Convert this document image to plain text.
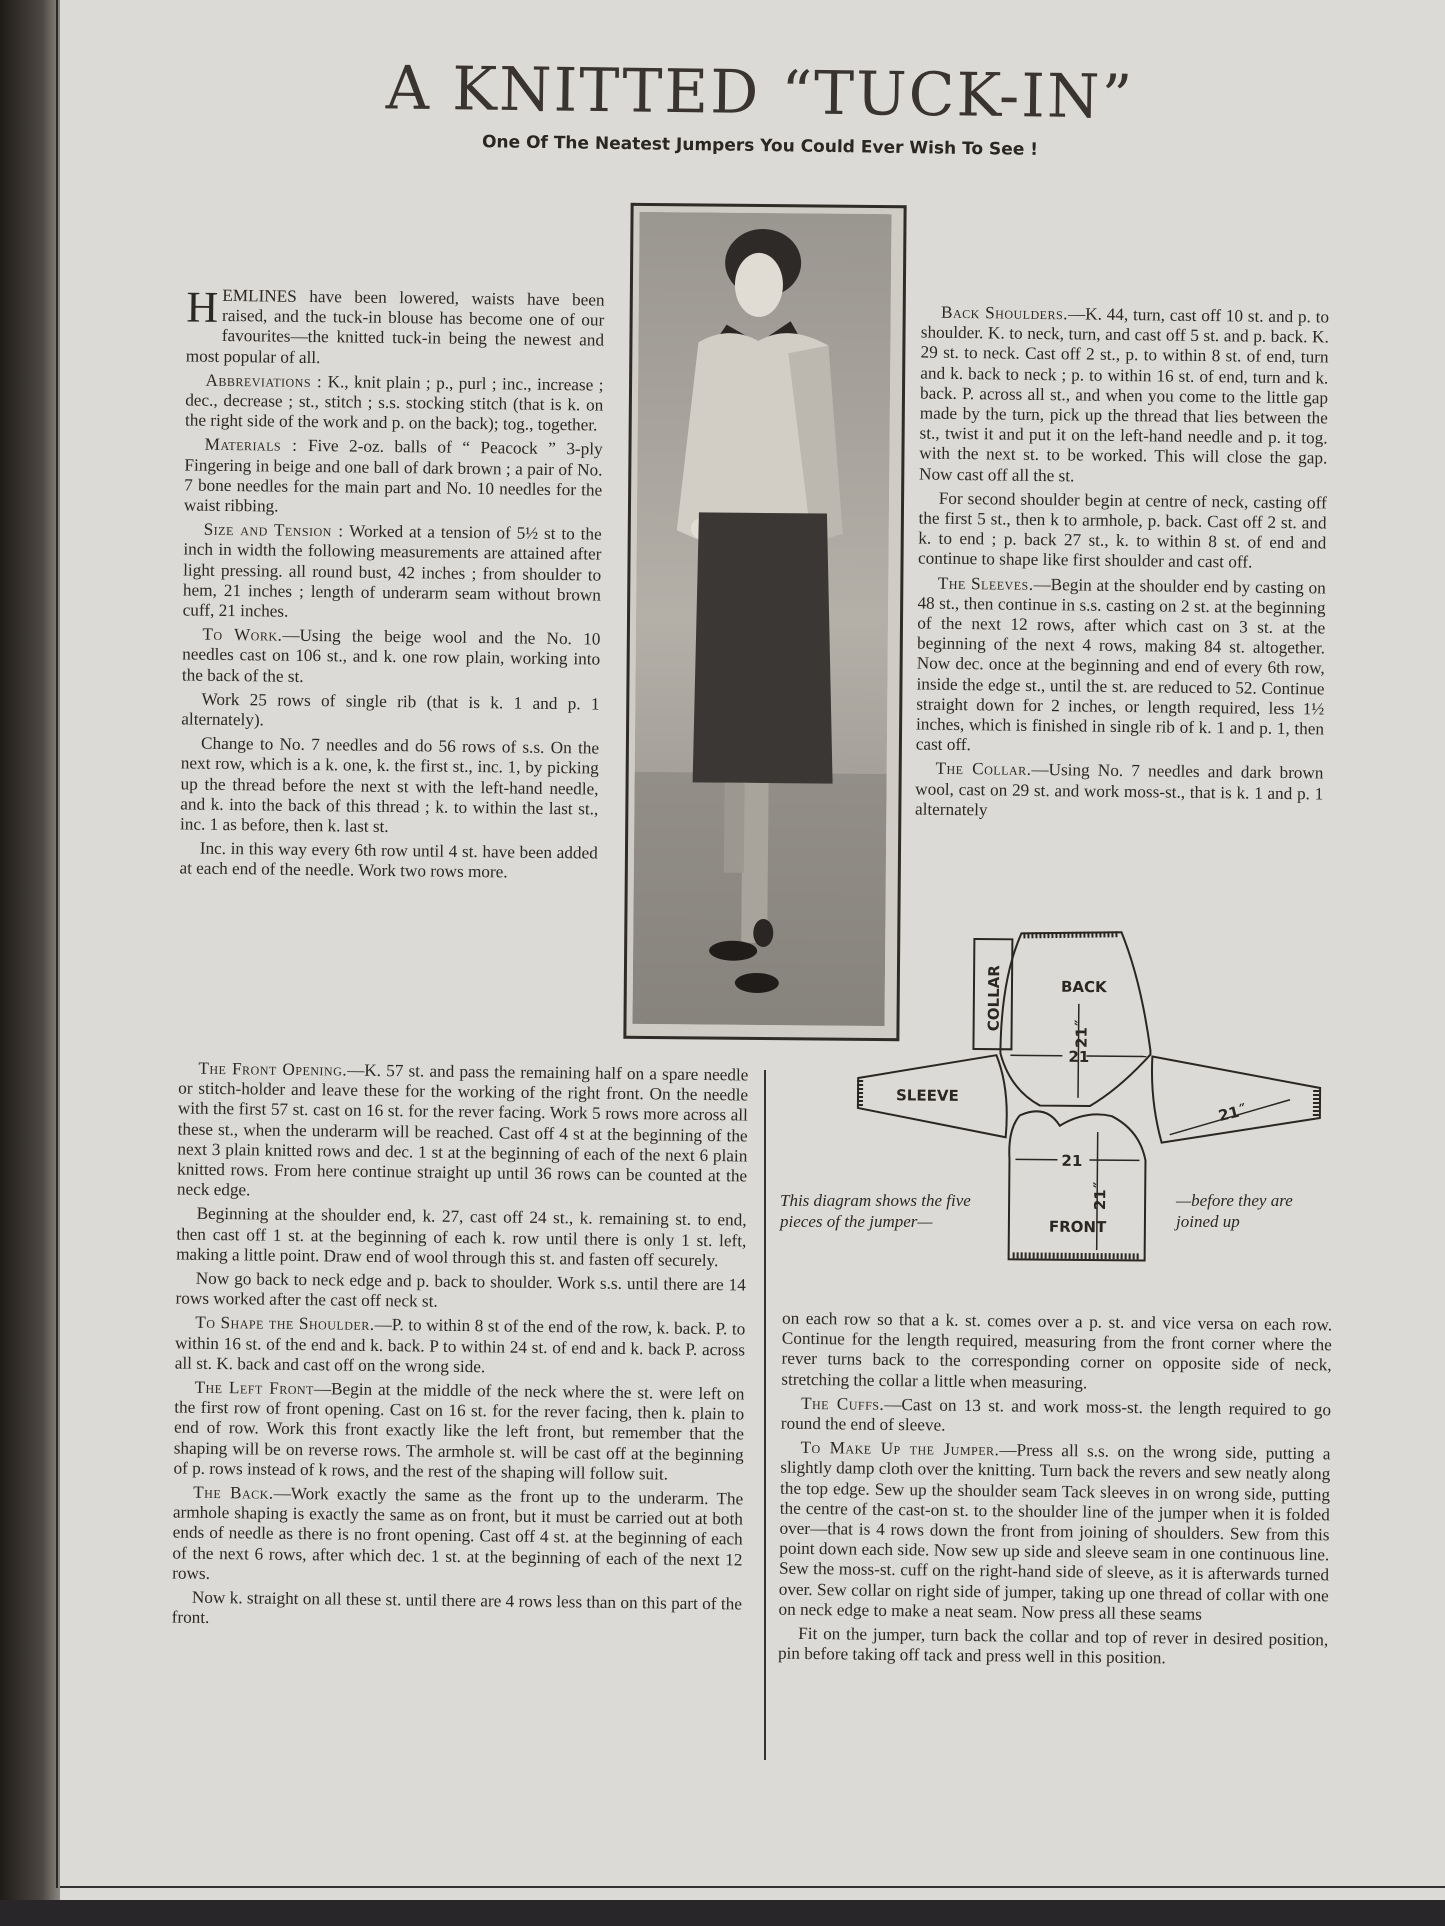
A KNITTED “TUCK-IN”
One Of The Neatest Jumpers You Could Ever Wish To See !

HEMLINES have been lowered, waists have been raised, and the tuck-in blouse has become one of our favourites—the knitted tuck-in being the newest and most popular of all.

Abbreviations : K., knit plain ; p., purl ; inc., increase ; dec., decrease ; st., stitch ; s.s. stocking stitch (that is k. on the right side of the work and p. on the back); tog., together.

Materials : Five 2-oz. balls of “ Peacock ” 3-ply Fingering in beige and one ball of dark brown ; a pair of No. 7 bone needles for the main part and No. 10 needles for the waist ribbing.

Size and Tension : Worked at a tension of 5½ st to the inch in width the following measurements are attained after light pressing. all round bust, 42 inches ; from shoulder to hem, 21 inches ; length of underarm seam without brown cuff, 21 inches.

To Work.—Using the beige wool and the No. 10 needles cast on 106 st., and k. one row plain, working into the back of the st.

Work 25 rows of single rib (that is k. 1 and p. 1 alternately).

Change to No. 7 needles and do 56 rows of s.s. On the next row, which is a k. one, k. the first st., inc. 1, by picking up the thread before the next st with the left-hand needle, and k. into the back of this thread ; k. to within the last st., inc. 1 as before, then k. last st.

Inc. in this way every 6th row until 4 st. have been added at each end of the needle. Work two rows more.

Back Shoulders.—K. 44, turn, cast off 10 st. and p. to shoulder. K. to neck, turn, and cast off 5 st. and p. back. K. 29 st. to neck. Cast off 2 st., p. to within 8 st. of end, turn and k. back to neck ; p. to within 16 st. of end, turn and k. back. P. across all st., and when you come to the little gap made by the turn, pick up the thread that lies between the st., twist it and put it on the left-hand needle and p. it tog. with the next st. to be worked. This will close the gap. Now cast off all the st.

For second shoulder begin at centre of neck, casting off the first 5 st., then k to armhole, p. back. Cast off 2 st. and k. to end ; p. back 27 st., k. to within 8 st. of end and continue to shape like first shoulder and cast off.

The Sleeves.—Begin at the shoulder end by casting on 48 st., then continue in s.s. casting on 2 st. at the beginning of the next 12 rows, after which cast on 3 st. at the beginning of the next 4 rows, making 84 st. altogether. Now dec. once at the beginning and end of every 6th row, inside the edge st., until the st. are reduced to 52. Continue straight down for 2 inches, or length required, less 1½ inches, which is finished in single rib of k. 1 and p. 1, then cast off.

The Collar.—Using No. 7 needles and dark brown wool, cast on 29 st. and work moss-st., that is k. 1 and p. 1 alternately

COLLAR	BACK
21˝
21
SLEEVE
21˝
21
21˝
FRONT
This diagram shows the five pieces of the jumper—
—before they are joined up

The Front Opening.—K. 57 st. and pass the remaining half on a spare needle or stitch-holder and leave these for the working of the right front. On the needle with the first 57 st. cast on 16 st. for the rever facing. Work 5 rows more across all these st., when the underarm will be reached. Cast off 4 st at the beginning of the next 3 plain knitted rows and dec. 1 st at the beginning of each of the next 6 plain knitted rows. From here continue straight up until 36 rows can be counted at the neck edge.

Beginning at the shoulder end, k. 27, cast off 24 st., k. remaining st. to end, then cast off 1 st. at the beginning of each k. row until there is only 1 st. left, making a little point. Draw end of wool through this st. and fasten off securely.

Now go back to neck edge and p. back to shoulder. Work s.s. until there are 14 rows worked after the cast off neck st.

To Shape the Shoulder.—P. to within 8 st of the end of the row, k. back. P. to within 16 st. of the end and k. back. P to within 24 st. of end and k. back P. across all st. K. back and cast off on the wrong side.

The Left Front—Begin at the middle of the neck where the st. were left on the first row of front opening. Cast on 16 st. for the rever facing, then k. plain to end of row. Work this front exactly like the left front, but remember that the shaping will be on reverse rows. The armhole st. will be cast off at the beginning of p. rows instead of k rows, and the rest of the shaping will follow suit.

The Back.—Work exactly the same as the front up to the underarm. The armhole shaping is exactly the same as on front, but it must be carried out at both ends of needle as there is no front opening. Cast off 4 st. at the beginning of each of the next 6 rows, after which dec. 1 st. at the beginning of each of the next 12 rows.

Now k. straight on all these st. until there are 4 rows less than on this part of the front.

on each row so that a k. st. comes over a p. st. and vice versa on each row. Continue for the length required, measuring from the front corner where the rever turns back to the corresponding corner on opposite side of neck, stretching the collar a little when measuring.

The Cuffs.—Cast on 13 st. and work moss-st. the length required to go round the end of sleeve.

To Make Up the Jumper.—Press all s.s. on the wrong side, putting a slightly damp cloth over the knitting. Turn back the revers and sew neatly along the top edge. Sew up the shoulder seam Tack sleeves in on wrong side, putting the centre of the cast-on st. to the shoulder line of the jumper when it is folded over—that is 4 rows down the front from joining of shoulders. Sew from this point down each side. Now sew up side and sleeve seam in one continuous line. Sew the moss-st. cuff on the right-hand side of sleeve, as it is afterwards turned over. Sew collar on right side of jumper, taking up one thread of collar with one on neck edge to make a neat seam. Now press all these seams

Fit on the jumper, turn back the collar and top of rever in desired position, pin before taking off tack and press well in this position.
